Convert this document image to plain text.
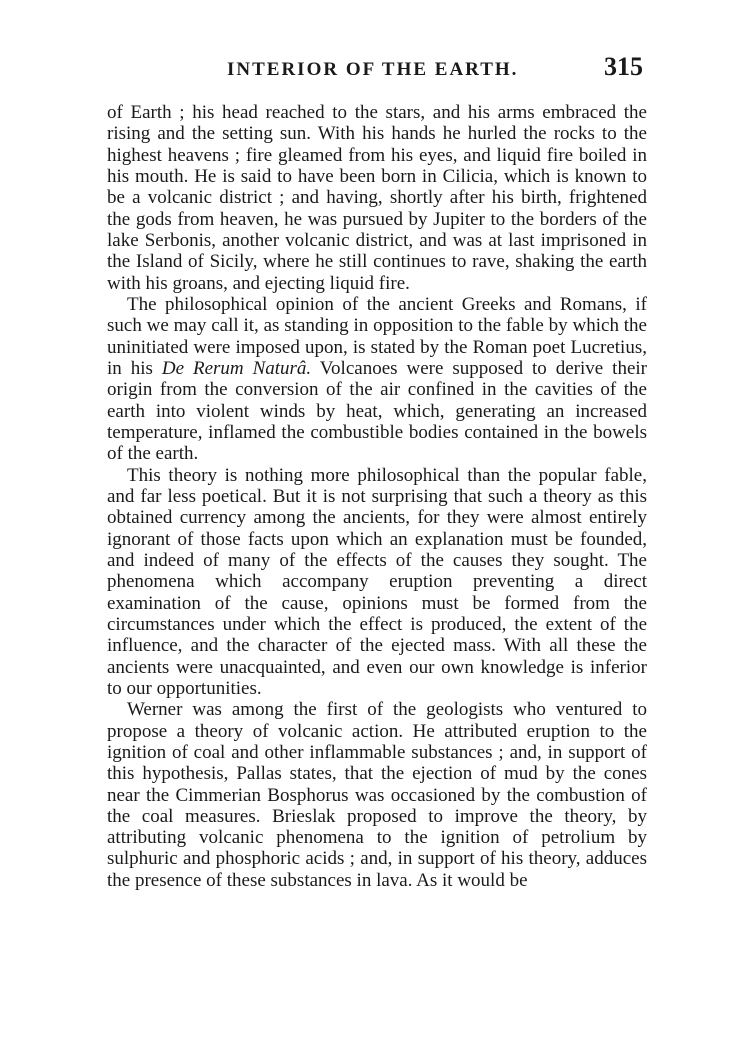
INTERIOR OF THE EARTH.	315

of Earth ; his head reached to the stars, and his arms embraced the rising and the setting sun. With his hands he hurled the rocks to the highest heavens ; fire gleamed from his eyes, and liquid fire boiled in his mouth. He is said to have been born in Cilicia, which is known to be a volcanic district ; and having, shortly after his birth, frightened the gods from heaven, he was pursued by Jupiter to the borders of the lake Serbonis, another volcanic district, and was at last imprisoned in the Island of Sicily, where he still continues to rave, shaking the earth with his groans, and ejecting liquid fire.

The philosophical opinion of the ancient Greeks and Romans, if such we may call it, as standing in opposition to the fable by which the uninitiated were imposed upon, is stated by the Roman poet Lucretius, in his De Rerum Naturâ. Volcanoes were supposed to derive their origin from the conversion of the air confined in the cavities of the earth into violent winds by heat, which, generating an increased temperature, inflamed the combustible bodies contained in the bowels of the earth.

This theory is nothing more philosophical than the popular fable, and far less poetical. But it is not surprising that such a theory as this obtained currency among the ancients, for they were almost entirely ignorant of those facts upon which an explanation must be founded, and indeed of many of the effects of the causes they sought. The phenomena which accompany eruption preventing a direct examination of the cause, opinions must be formed from the circumstances under which the effect is produced, the extent of the influence, and the character of the ejected mass. With all these the ancients were unacquainted, and even our own knowledge is inferior to our opportunities.

Werner was among the first of the geologists who ventured to propose a theory of volcanic action. He attributed eruption to the ignition of coal and other inflammable substances ; and, in support of this hypothesis, Pallas states, that the ejection of mud by the cones near the Cimmerian Bosphorus was occasioned by the combustion of the coal measures. Brieslak proposed to improve the theory, by attributing volcanic phenomena to the ignition of petrolium by sulphuric and phosphoric acids ; and, in support of his theory, adduces the presence of these substances in lava. As it would be
